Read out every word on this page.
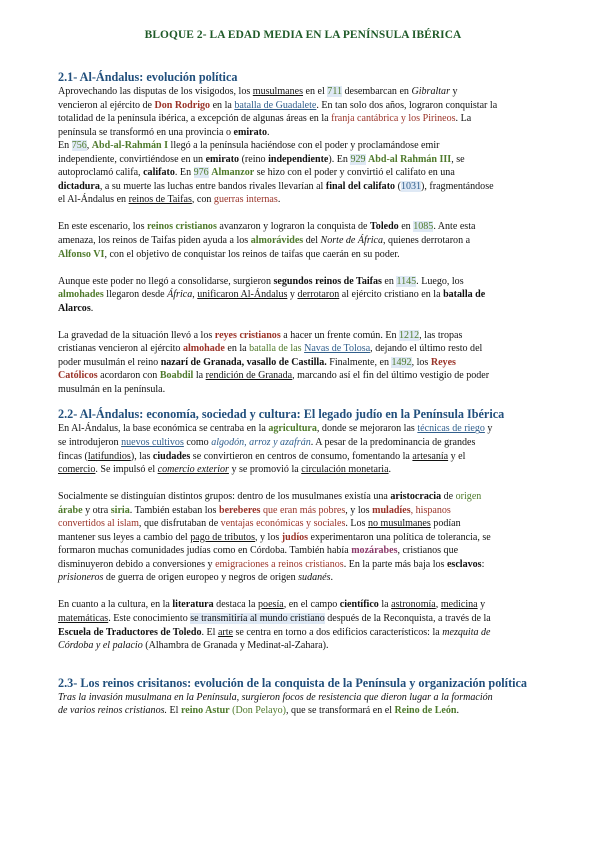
BLOQUE 2- LA EDAD MEDIA EN LA PENÍNSULA IBÉRICA
2.1- Al-Ándalus: evolución política

Aprovechando las disputas de los visigodos, los musulmanes en el 711 desembarcan en Gibraltar y
vencieron al ejército de Don Rodrigo en la batalla de Guadalete. En tan solo dos años, lograron conquistar la
totalidad de la península ibérica, a excepción de algunas áreas en la franja cantábrica y los Pirineos. La
península se transformó en una provincia o emirato.

En 756, Abd-al-Rahmán I llegó a la península haciéndose con el poder y proclamándose emir
independiente, convirtiéndose en un emirato (reino independiente). En 929 Abd-al Rahmán III, se
autoproclamó califa, califato. En 976 Almanzor se hizo con el poder y convirtió el califato en una
dictadura, a su muerte las luchas entre bandos rivales llevarían al final del califato (1031), fragmentándose
el Al-Ándalus en reinos de Taifas, con guerras internas.

En este escenario, los reinos cristianos avanzaron y lograron la conquista de Toledo en 1085. Ante esta
amenaza, los reinos de Taifas piden ayuda a los almorávides del Norte de África, quienes derrotaron a
Alfonso VI, con el objetivo de conquistar los reinos de taifas que caerán en su poder.

Aunque este poder no llegó a consolidarse, surgieron segundos reinos de Taifas en 1145. Luego, los
almohades llegaron desde África, unificaron Al-Ándalus y derrotaron al ejército cristiano en la batalla de
Alarcos.

La gravedad de la situación llevó a los reyes cristianos a hacer un frente común. En 1212, las tropas
cristianas vencieron al ejército almohade en la batalla de las Navas de Tolosa, dejando el último resto del
poder musulmán el reino nazarí de Granada, vasallo de Castilla. Finalmente, en 1492, los Reyes
Católicos acordaron con Boabdil la rendición de Granada, marcando así el fin del último vestigio de poder
musulmán en la península.

2.2- Al-Ándalus: economía, sociedad y cultura: El legado judío en la Península Ibérica

En Al-Ándalus, la base económica se centraba en la agricultura, donde se mejoraron las técnicas de riego y
se introdujeron nuevos cultivos como algodón, arroz y azafrán. A pesar de la predominancia de grandes
fincas (latifundios), las ciudades se convirtieron en centros de consumo, fomentando la artesanía y el
comercio. Se impulsó el comercio exterior y se promovió la circulación monetaria.

Socialmente se distinguían distintos grupos: dentro de los musulmanes existía una aristocracia de origen
árabe y otra siria. También estaban los bereberes que eran más pobres, y los muladíes, hispanos
convertidos al islam, que disfrutaban de ventajas económicas y sociales. Los no musulmanes podían
mantener sus leyes a cambio del pago de tributos, y los judíos experimentaron una política de tolerancia, se
formaron muchas comunidades judías como en Córdoba. También había mozárabes, cristianos que
disminuyeron debido a conversiones y emigraciones a reinos cristianos. En la parte más baja los esclavos:
prisioneros de guerra de origen europeo y negros de origen sudanés.

En cuanto a la cultura, en la literatura destaca la poesía, en el campo científico la astronomía, medicina y
matemáticas. Este conocimiento se transmitiría al mundo cristiano después de la Reconquista, a través de la
Escuela de Traductores de Toledo. El arte se centra en torno a dos edificios característicos: la mezquita de
Córdoba y el palacio (Alhambra de Granada y Medinat-al-Zahara).

2.3- Los reinos crisitanos: evolución de la conquista de la Península y organización política

Tras la invasión musulmana en la Península, surgieron focos de resistencia que dieron lugar a la formación
de varios reinos cristianos. El reino Astur (Don Pelayo), que se transformará en el Reino de León.
